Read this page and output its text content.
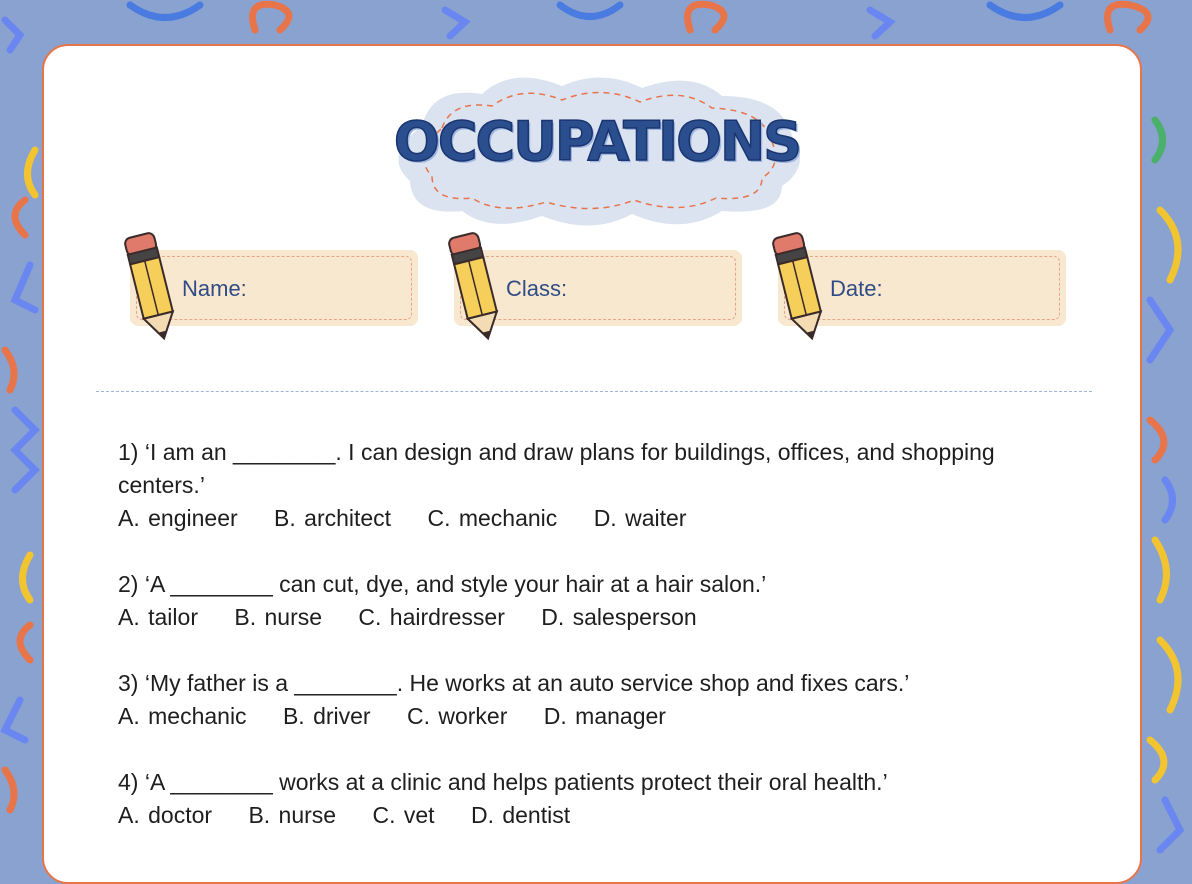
OCCUPATIONS
Name:	Class:	Date:
1) ‘I am an ________. I can design and draw plans for buildings, offices, and shopping centers.’
A. engineer B. architect C. mechanic D. waiter
2) ‘A ________ can cut, dye, and style your hair at a hair salon.’
A. tailor B. nurse C. hairdresser D. salesperson
3) ‘My father is a ________. He works at an auto service shop and fixes cars.’
A. mechanic B. driver C. worker D. manager
4) ‘A ________ works at a clinic and helps patients protect their oral health.’
A. doctor B. nurse C. vet D. dentist
